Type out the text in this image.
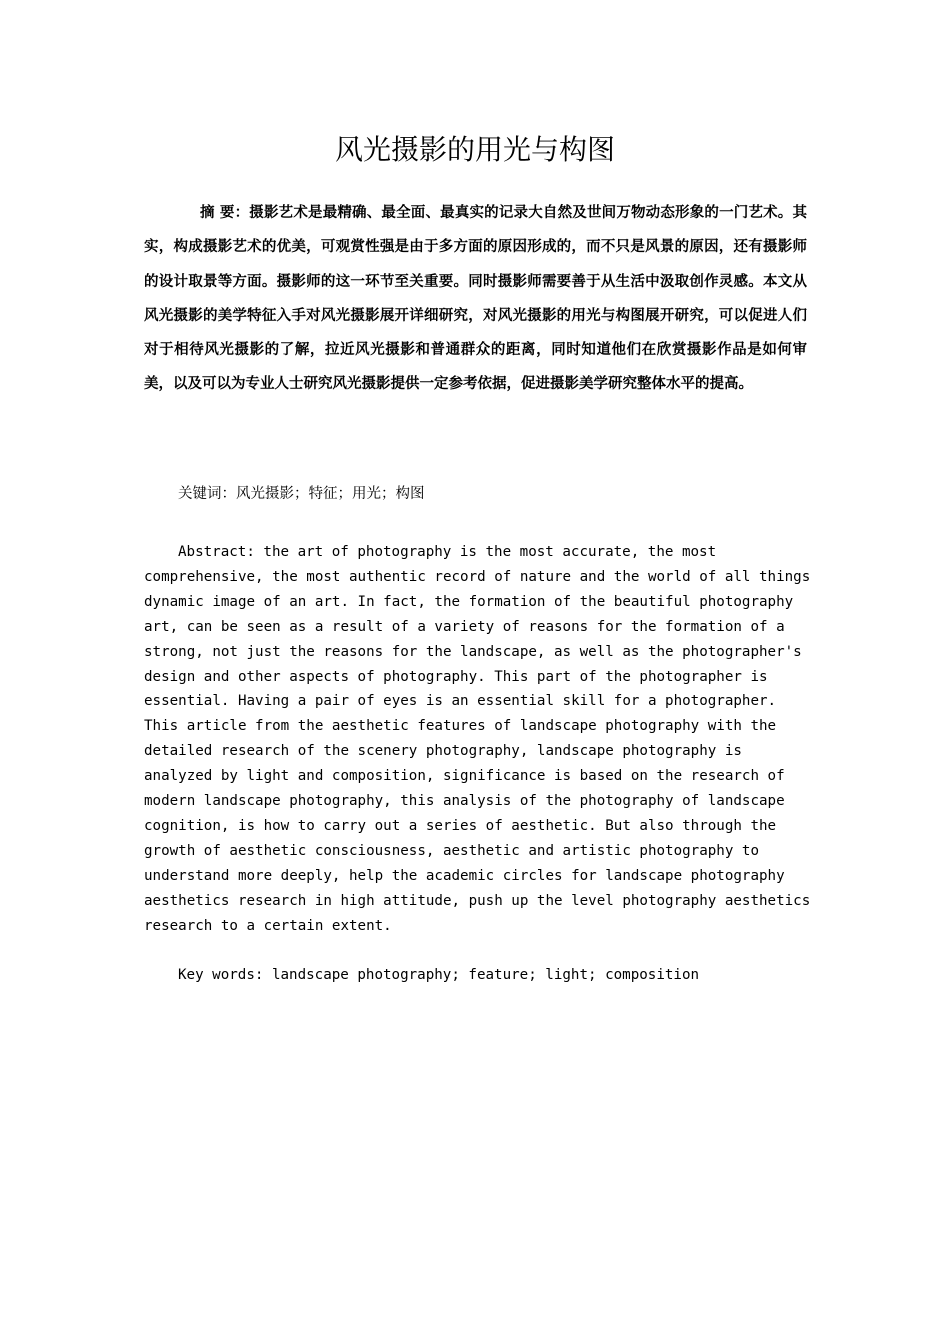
风光摄影的用光与构图

摘 要：摄影艺术是最精确、最全面、最真实的记录大自然及世间万物动态形象的一门艺术。其实，构成摄影艺术的优美，可观赏性强是由于多方面的原因形成的，而不只是风景的原因，还有摄影师的设计取景等方面。摄影师的这一环节至关重要。同时摄影师需要善于从生活中汲取创作灵感。本文从风光摄影的美学特征入手对风光摄影展开详细研究，对风光摄影的用光与构图展开研究，可以促进人们对于相待风光摄影的了解，拉近风光摄影和普通群众的距离，同时知道他们在欣赏摄影作品是如何审美，以及可以为专业人士研究风光摄影提供一定参考依据，促进摄影美学研究整体水平的提高。

关键词：风光摄影；特征；用光；构图

Abstract: the art of photography is the most accurate, the most comprehensive, the most authentic record of nature and the world of all things dynamic image of an art. In fact, the formation of the beautiful photography art, can be seen as a result of a variety of reasons for the formation of a strong, not just the reasons for the landscape, as well as the photographer's design and other aspects of photography. This part of the photographer is essential. Having a pair of eyes is an essential skill for a photographer. This article from the aesthetic features of landscape photography with the detailed research of the scenery photography, landscape photography is analyzed by light and composition, significance is based on the research of modern landscape photography, this analysis of the photography of landscape cognition, is how to carry out a series of aesthetic. But also through the growth of aesthetic consciousness, aesthetic and artistic photography to understand more deeply, help the academic circles for landscape photography aesthetics research in high attitude, push up the level photography aesthetics research to a certain extent.

Key words: landscape photography; feature; light; composition
